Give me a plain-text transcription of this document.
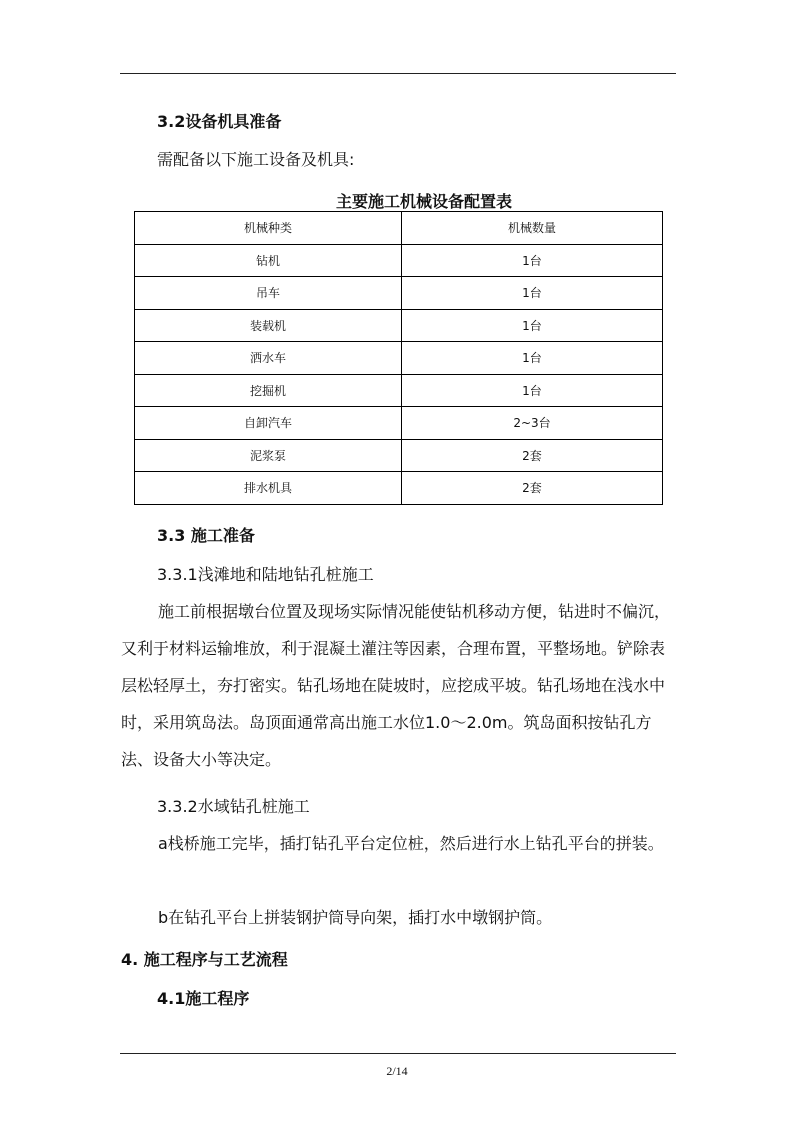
3.2设备机具准备
需配备以下施工设备及机具:
主要施工机械设备配置表
机械种类	机械数量
钻机	1台
吊车	1台
装载机	1台
洒水车	1台
挖掘机	1台
自卸汽车	2~3台
泥浆泵	2套
排水机具	2套
3.3 施工准备
3.3.1浅滩地和陆地钻孔桩施工
施工前根据墩台位置及现场实际情况能使钻机移动方便，钻进时不偏沉，又利于材料运输堆放，利于混凝土灌注等因素，合理布置，平整场地。铲除表层松轻厚土，夯打密实。钻孔场地在陡坡时，应挖成平坡。钻孔场地在浅水中时，采用筑岛法。岛顶面通常高出施工水位1.0～2.0m。筑岛面积按钻孔方法、设备大小等决定。
3.3.2水域钻孔桩施工
a栈桥施工完毕，插打钻孔平台定位桩，然后进行水上钻孔平台的拼装。
b在钻孔平台上拼装钢护筒导向架，插打水中墩钢护筒。
4. 施工程序与工艺流程
4.1施工程序
2/14
